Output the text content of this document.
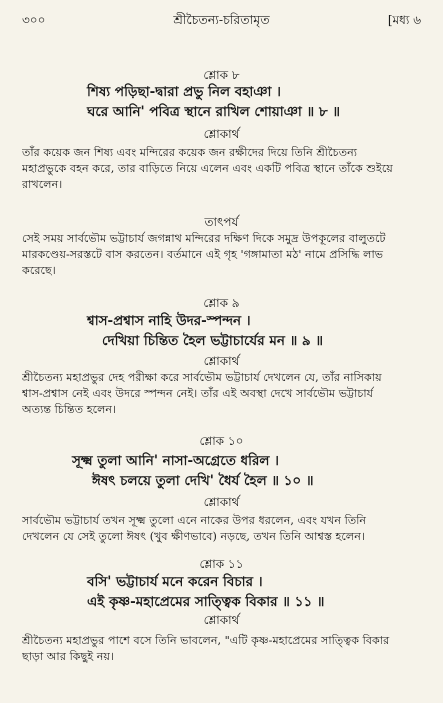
৩০০	শ্রীচৈতন্য-চরিতামৃত	[মধ্য ৬
শ্লোক ৮
শিষ্য পড়িছা-দ্বারা প্রভু নিল বহাঞা ।
ঘরে আনি' পবিত্র স্থানে রাখিল শোয়াঞা ॥ ৮ ॥
শ্লোকার্থ
তাঁর কয়েক জন শিষ্য এবং মন্দিরের কয়েক জন রক্ষীদের দিয়ে তিনি শ্রীচৈতন্য
মহাপ্রভুকে বহন করে, তার বাড়িতে নিয়ে এলেন এবং একটি পবিত্র স্থানে তাঁকে শুইয়ে
রাখলেন।
তাৎপর্য
সেই সময় সার্বভৌম ভট্টাচার্য জগন্নাথ মন্দিরের দক্ষিণ দিকে সমুদ্র উপকূলের বালুতটে
মারকণ্ডেয়-সরস্তটে বাস করতেন। বর্তমানে এই গৃহ 'গঙ্গামাতা মঠ' নামে প্রসিদ্ধি লাভ
করেছে।
শ্লোক ৯
শ্বাস-প্রশ্বাস নাহি উদর-স্পন্দন ।
দেখিয়া চিন্তিত হৈল ভট্টাচার্যের মন ॥ ৯ ॥
শ্লোকার্থ
শ্রীচৈতন্য মহাপ্রভুর দেহ পরীক্ষা করে সার্বভৌম ভট্টাচার্য দেখলেন যে, তাঁর নাসিকায়
শ্বাস-প্রশ্বাস নেই এবং উদরে স্পন্দন নেই। তাঁর এই অবস্থা দেখে সার্বভৌম ভট্টাচার্য
অত্যন্ত চিন্তিত হলেন।
শ্লোক ১০
সূক্ষ্ম তুলা আনি' নাসা-অগ্রেতে ধরিল ।
ঈষৎ চলয়ে তুলা দেখি' ধৈর্য হৈল ॥ ১০ ॥
শ্লোকার্থ
সার্বভৌম ভট্টাচার্য তখন সূক্ষ্ম তুলো এনে নাকের উপর ধরলেন, এবং যখন তিনি
দেখলেন যে সেই তুলো ঈষৎ (খুব ক্ষীণভাবে) নড়ছে, তখন তিনি আশ্বস্ত হলেন।
শ্লোক ১১
বসি' ভট্টাচার্য মনে করেন বিচার ।
এই কৃষ্ণ-মহাপ্রেমের সাত্ত্বিক বিকার ॥ ১১ ॥
শ্লোকার্থ
শ্রীচৈতন্য মহাপ্রভুর পাশে বসে তিনি ভাবলেন, "এটি কৃষ্ণ-মহাপ্রেমের সাত্ত্বিক বিকার
ছাড়া আর কিছুই নয়।
